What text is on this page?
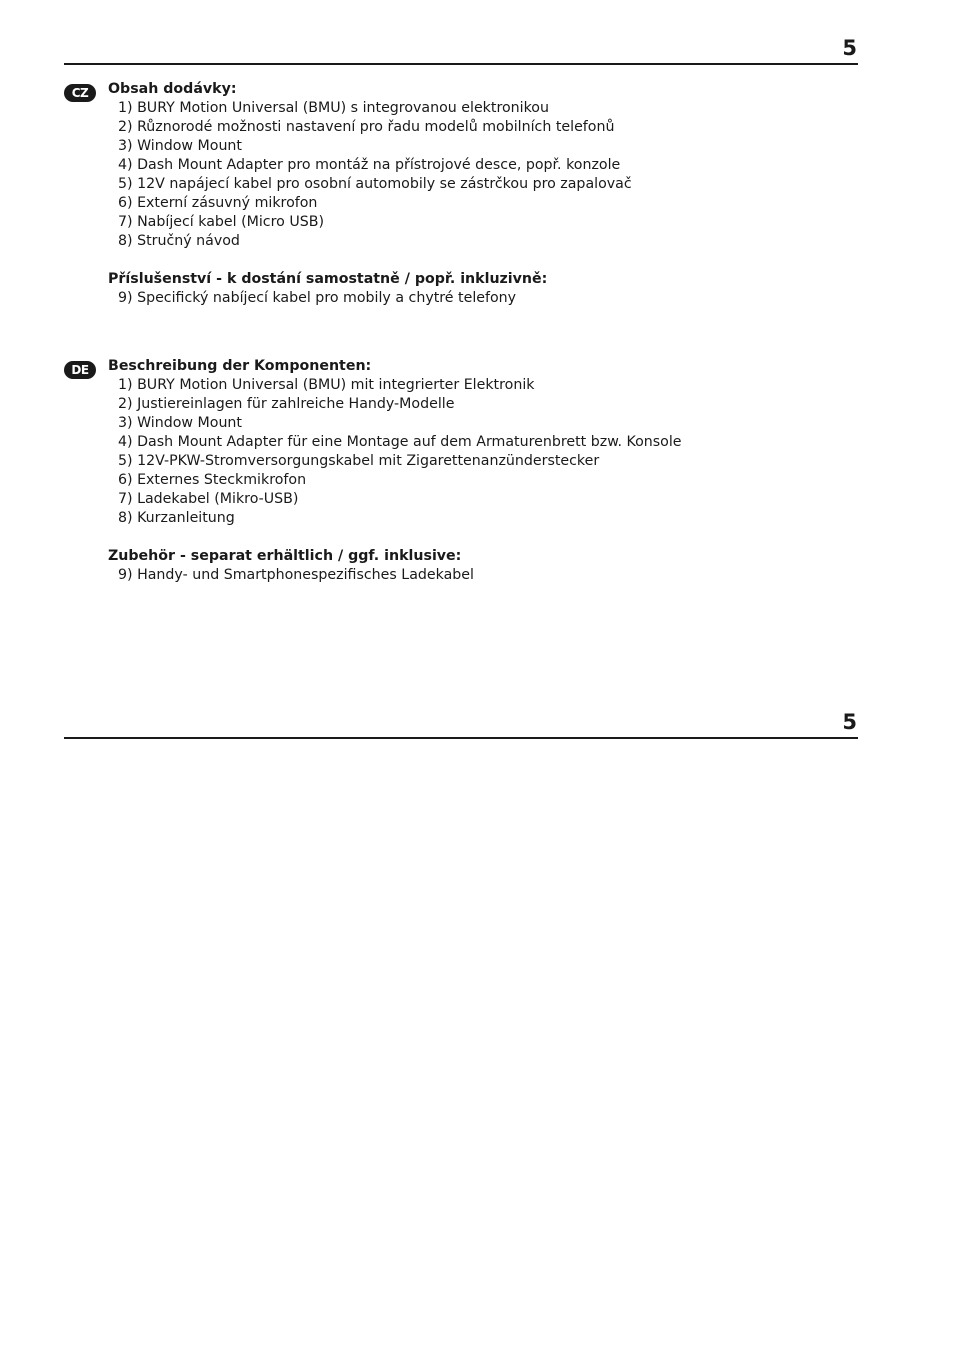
5
CZ	Obsah dodávky:

1) BURY Motion Universal (BMU) s integrovanou elektronikou
2) Různorodé možnosti nastavení pro řadu modelů mobilních telefonů
3) Window Mount
4) Dash Mount Adapter pro montáž na přístrojové desce, popř. konzole
5) 12V napájecí kabel pro osobní automobily se zástrčkou pro zapalovač
6) Externí zásuvný mikrofon
7) Nabíjecí kabel (Micro USB)
8) Stručný návod

Příslušenství - k dostání samostatně / popř. inkluzivně:

9) Specifický nabíjecí kabel pro mobily a chytré telefony
DE	Beschreibung der Komponenten:

1) BURY Motion Universal (BMU) mit integrierter Elektronik
2) Justiereinlagen für zahlreiche Handy-Modelle
3) Window Mount
4) Dash Mount Adapter für eine Montage auf dem Armaturenbrett bzw. Konsole
5) 12V-PKW-Stromversorgungskabel mit Zigarettenanzünderstecker
6) Externes Steckmikrofon
7) Ladekabel (Mikro-USB)
8) Kurzanleitung

Zubehör - separat erhältlich / ggf. inklusive:

9) Handy- und Smartphonespezifisches Ladekabel
5
